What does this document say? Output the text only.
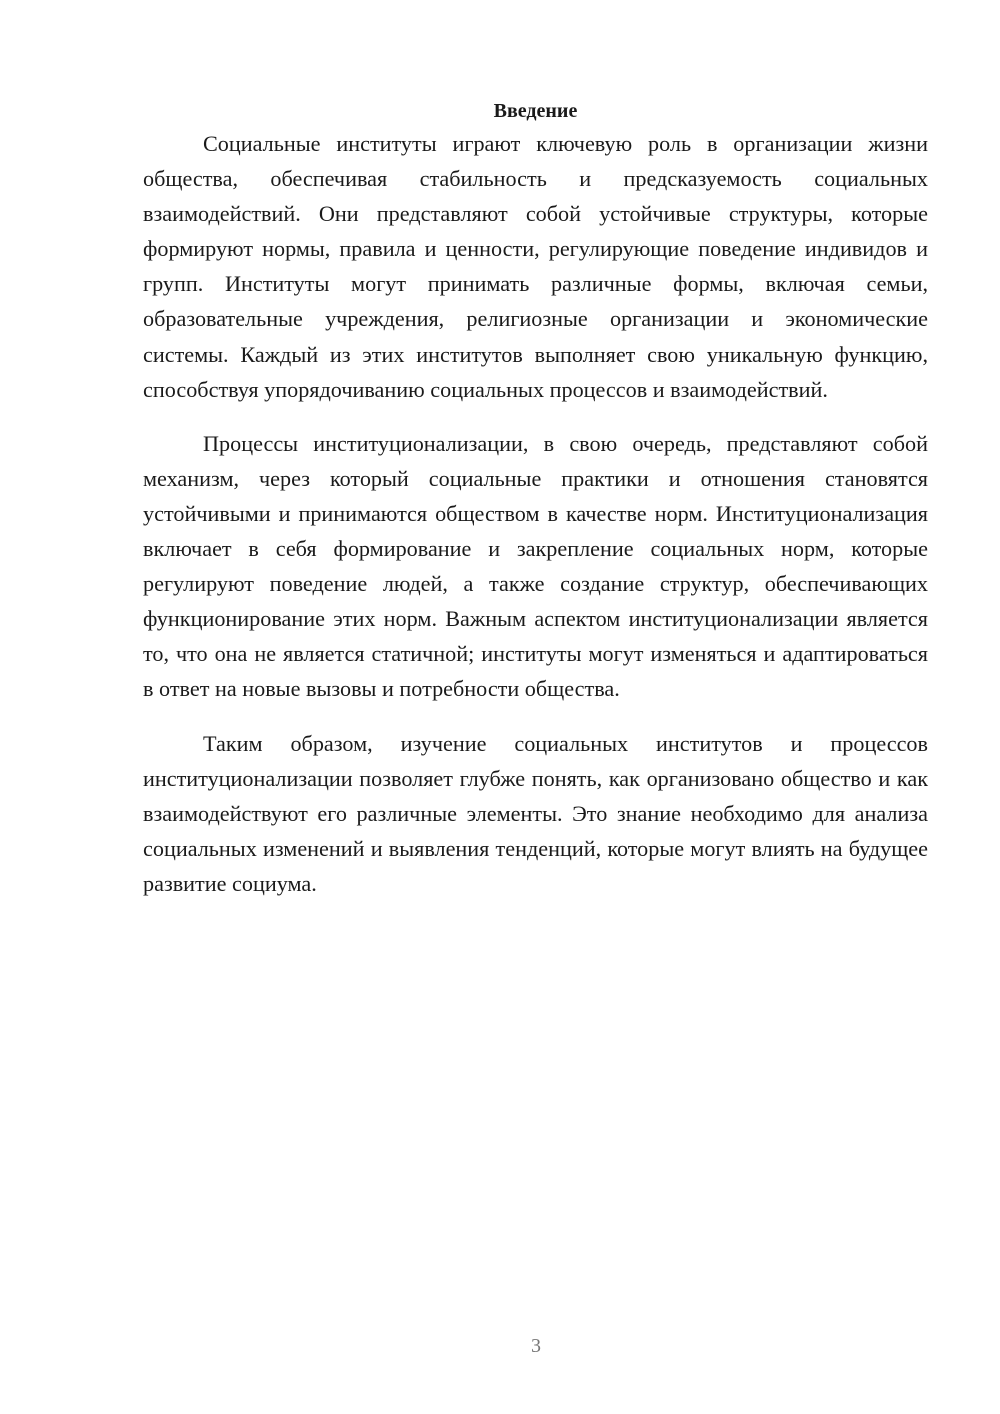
Введение

Социальные институты играют ключевую роль в организации жизни общества, обеспечивая стабильность и предсказуемость социальных взаимодействий. Они представляют собой устойчивые структуры, которые формируют нормы, правила и ценности, регулирующие поведение индивидов и групп. Институты могут принимать различные формы, включая семьи, образовательные учреждения, религиозные организации и экономические системы. Каждый из этих институтов выполняет свою уникальную функцию, способствуя упорядочиванию социальных процессов и взаимодействий.

Процессы институционализации, в свою очередь, представляют собой механизм, через который социальные практики и отношения становятся устойчивыми и принимаются обществом в качестве норм. Институционализация включает в себя формирование и закрепление социальных норм, которые регулируют поведение людей, а также создание структур, обеспечивающих функционирование этих норм. Важным аспектом институционализации является то, что она не является статичной; институты могут изменяться и адаптироваться в ответ на новые вызовы и потребности общества.

Таким образом, изучение социальных институтов и процессов институционализации позволяет глубже понять, как организовано общество и как взаимодействуют его различные элементы. Это знание необходимо для анализа социальных изменений и выявления тенденций, которые могут влиять на будущее развитие социума.

3
